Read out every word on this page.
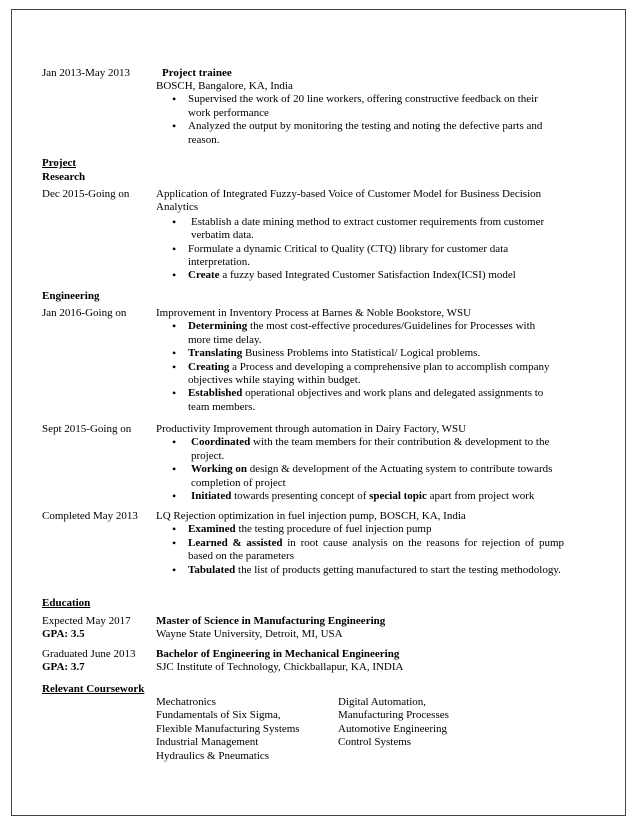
Jan 2013-May 2013	Project trainee
BOSCH, Bangalore, KA, India
• Supervised the work of 20 line workers, offering constructive feedback on their work performance
• Analyzed the output by monitoring the testing and noting the defective parts and reason.
Project
Research
Dec 2015-Going on Application of Integrated Fuzzy-based Voice of Customer Model for Business Decision Analytics
• Establish a date mining method to extract customer requirements from customer verbatim data.
• Formulate a dynamic Critical to Quality (CTQ) library for customer data interpretation.
• Create a fuzzy based Integrated Customer Satisfaction Index(ICSI) model
Engineering
Jan 2016-Going on	Improvement in Inventory Process at Barnes & Noble Bookstore, WSU
• Determining the most cost-effective procedures/Guidelines for Processes with more time delay.
• Translating Business Problems into Statistical/ Logical problems.
• Creating a Process and developing a comprehensive plan to accomplish company objectives while staying within budget.
• Established operational objectives and work plans and delegated assignments to team members.
Sept 2015-Going on Productivity Improvement through automation in Dairy Factory, WSU
• Coordinated with the team members for their contribution & development to the project.
• Working on design & development of the Actuating system to contribute towards completion of project
• Initiated towards presenting concept of special topic apart from project work
Completed May 2013 LQ Rejection optimization in fuel injection pump, BOSCH, KA, India
• Examined the testing procedure of fuel injection pump
• Learned & assisted in root cause analysis on the reasons for rejection of pump based on the parameters
• Tabulated the list of products getting manufactured to start the testing methodology.
Education
Expected May 2017
GPA: 3.5
Master of Science in Manufacturing Engineering
Wayne State University, Detroit, MI, USA
Graduated June 2013
GPA: 3.7
Bachelor of Engineering in Mechanical Engineering
SJC Institute of Technology, Chickballapur, KA, INDIA
Relevant Coursework
Mechatronics
Fundamentals of Six Sigma,
Flexible Manufacturing Systems
Industrial Management
Hydraulics & Pneumatics
Digital Automation,
Manufacturing Processes
Automotive Engineering
Control Systems
